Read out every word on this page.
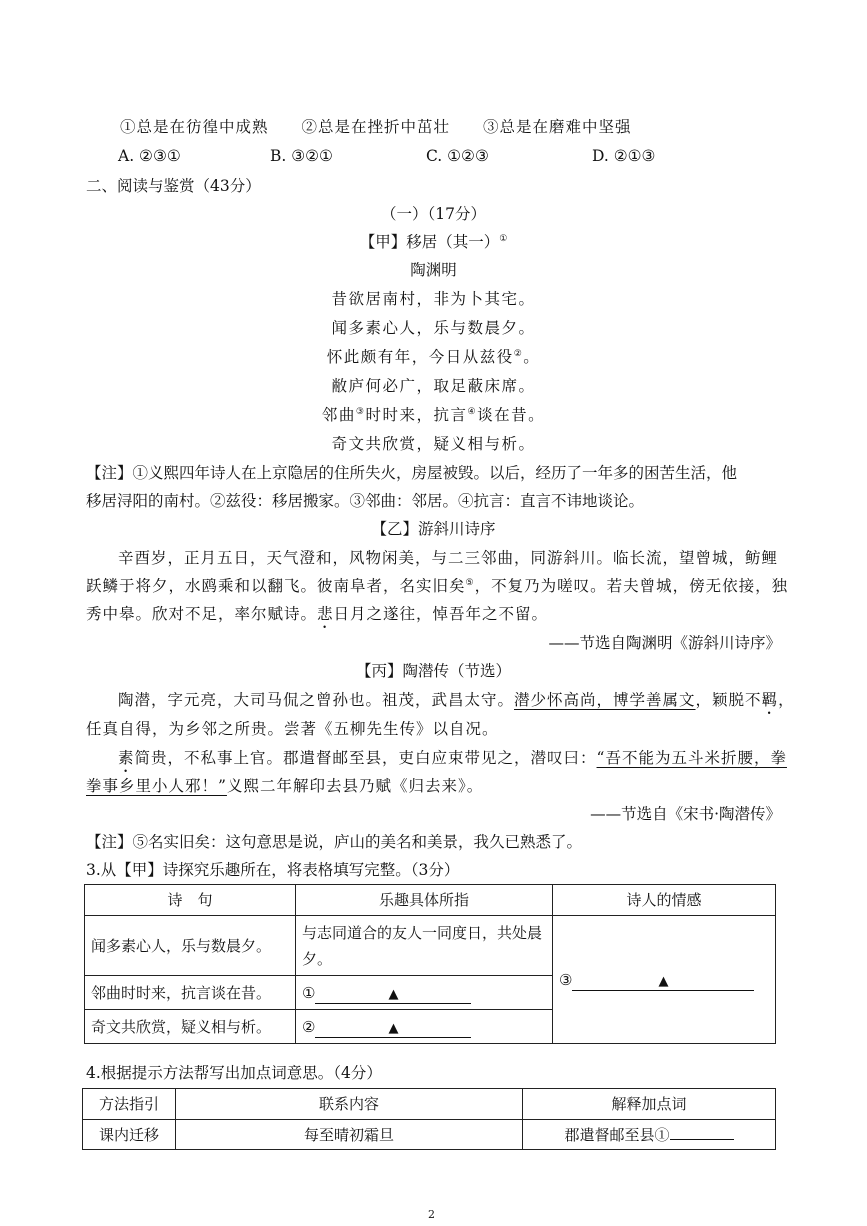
①总是在彷徨中成熟　　②总是在挫折中茁壮　　③总是在磨难中坚强
A. ②③①	B. ③②①	C. ①②③	D. ②①③
二、阅读与鉴赏（43分）
（一）（17分）
【甲】移居（其一）①
陶渊明
昔欲居南村，非为卜其宅。
闻多素心人，乐与数晨夕。
怀此颇有年，今日从兹役②。
敝庐何必广，取足蔽床席。
邻曲③时时来，抗言④谈在昔。
奇文共欣赏，疑义相与析。
【注】①义熙四年诗人在上京隐居的住所失火，房屋被毁。以后，经历了一年多的困苦生活，他
移居浔阳的南村。②兹役：移居搬家。③邻曲：邻居。④抗言：直言不讳地谈论。
【乙】游斜川诗序
辛酉岁，正月五日，天气澄和，风物闲美，与二三邻曲，同游斜川。临长流，望曾城，鲂鲤
跃鳞于将夕，水鸥乘和以翻飞。彼南阜者，名实旧矣⑤，不复乃为嗟叹。若夫曾城，傍无依接，独
秀中皋。欣对不足，率尔赋诗。悲日月之遂往，悼吾年之不留。
——节选自陶渊明《游斜川诗序》
【丙】陶潜传（节选）
陶潜，字元亮，大司马侃之曾孙也。祖茂，武昌太守。潜少怀高尚，博学善属文，颖脱不羁，
任真自得，为乡邻之所贵。尝著《五柳先生传》以自况。
素简贵，不私事上官。郡遣督邮至县，吏白应束带见之，潜叹曰：“吾不能为五斗米折腰，拳
拳事乡里小人邪！”义熙二年解印去县乃赋《归去来》。
——节选自《宋书·陶潜传》
【注】⑤名实旧矣：这句意思是说，庐山的美名和美景，我久已熟悉了。
3.从【甲】诗探究乐趣所在，将表格填写完整。（3分）
诗　句	乐趣具体所指	诗人的情感
闻多素心人，乐与数晨夕。	与志同道合的友人一同度日，共处晨夕。	③ ▲
邻曲时时来，抗言谈在昔。	① ▲	
奇文共欣赏，疑义相与析。	② ▲	
4.根据提示方法帮写出加点词意思。（4分）
方法指引	联系内容	解释加点词
课内迁移	每至晴初霜旦	郡遣督邮至县①
2
